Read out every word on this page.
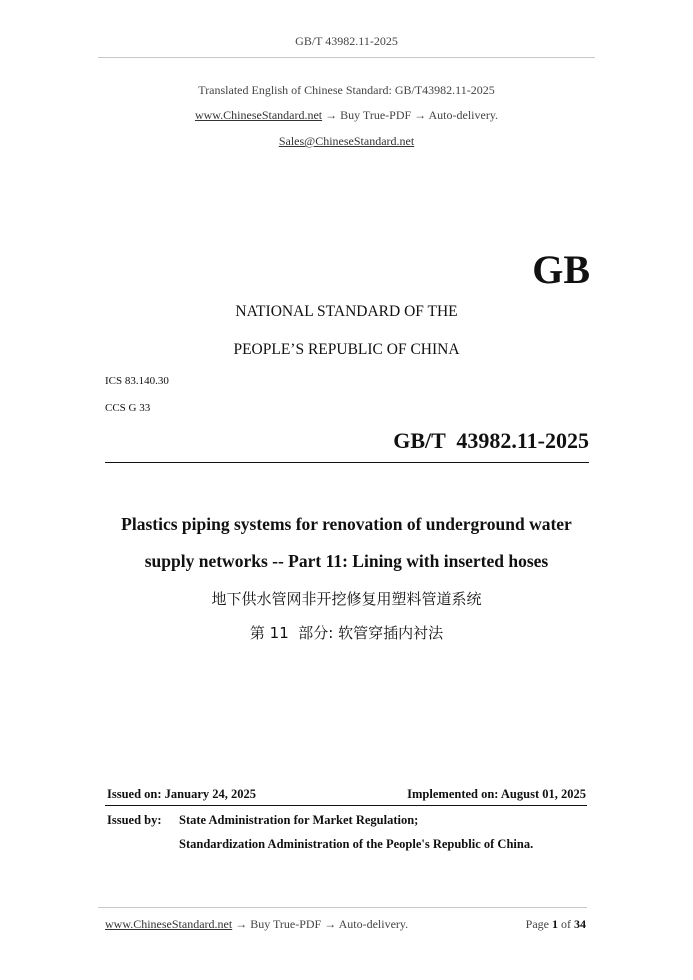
GB/T 43982.11-2025
Translated English of Chinese Standard: GB/T43982.11-2025
www.ChineseStandard.net → Buy True-PDF → Auto-delivery.
Sales@ChineseStandard.net
GB
NATIONAL STANDARD OF THE
PEOPLE’S REPUBLIC OF CHINA
ICS 83.140.30
CCS G 33
GB/T  43982.11-2025
Plastics piping systems for renovation of underground water
supply networks -- Part 11: Lining with inserted hoses
地下供水管网非开挖修复用塑料管道系统
第 11  部分: 软管穿插内衬法
Issued on: January 24, 2025	Implemented on: August 01, 2025
Issued by: State Administration for Market Regulation;
Standardization Administration of the People's Republic of China.
www.ChineseStandard.net → Buy True-PDF → Auto-delivery.	Page 1 of 34
